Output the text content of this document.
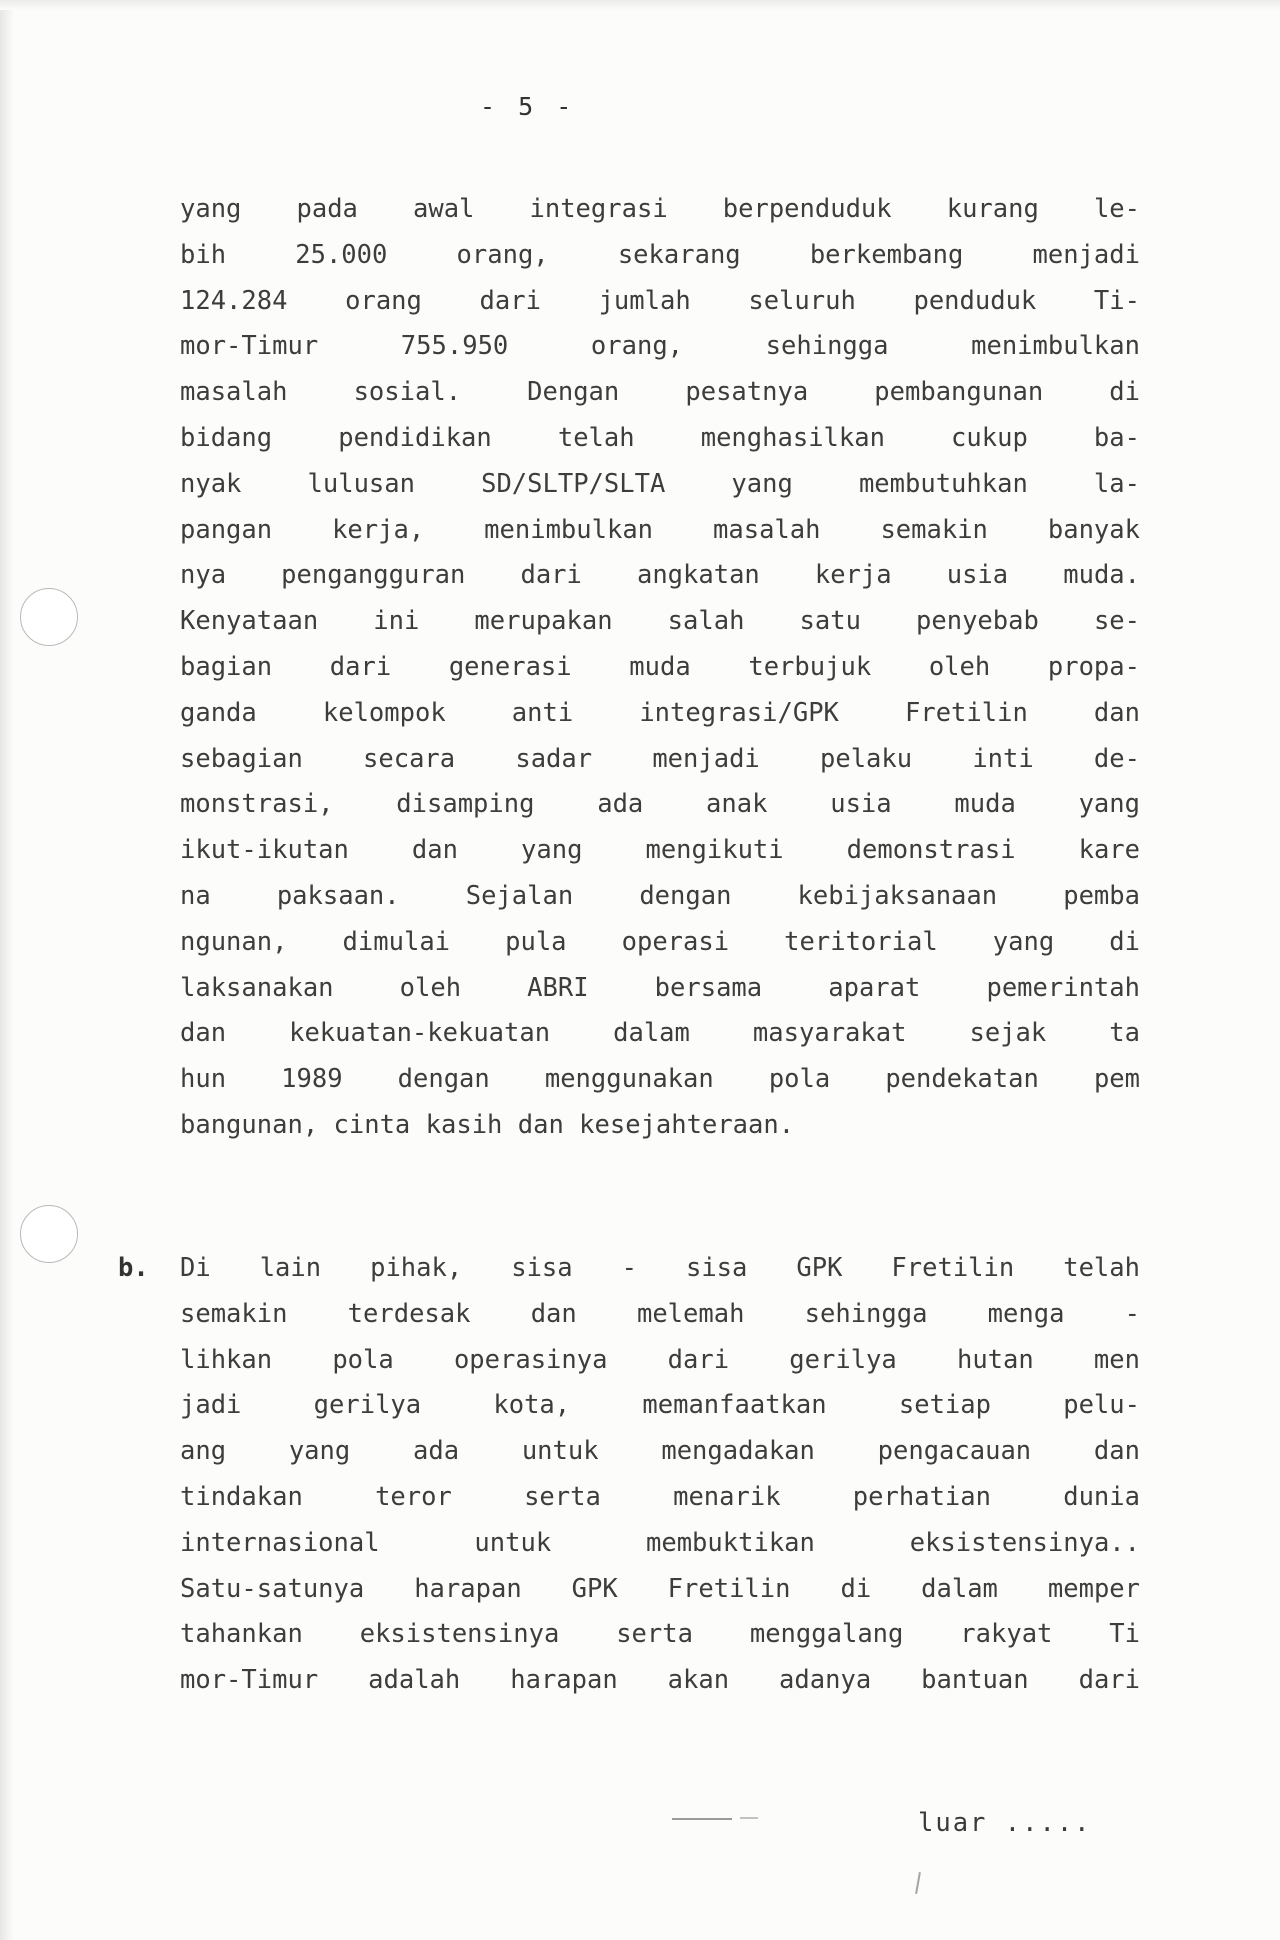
- 5 -
yang pada awal integrasi berpenduduk kurang le-
bih 25.000 orang, sekarang berkembang menjadi
124.284 orang dari jumlah seluruh penduduk Ti-
mor-Timur 755.950 orang, sehingga menimbulkan
masalah sosial. Dengan pesatnya pembangunan di
bidang pendidikan telah menghasilkan cukup ba-
nyak lulusan SD/SLTP/SLTA yang membutuhkan la-
pangan kerja, menimbulkan masalah semakin banyak
nya pengangguran dari angkatan kerja usia muda.
Kenyataan ini merupakan salah satu penyebab se-
bagian dari generasi muda terbujuk oleh propa-
ganda kelompok anti integrasi/GPK Fretilin dan
sebagian secara sadar menjadi pelaku inti de-
monstrasi, disamping ada anak usia muda yang
ikut-ikutan dan yang mengikuti demonstrasi kare
na paksaan. Sejalan dengan kebijaksanaan pemba
ngunan, dimulai pula operasi teritorial yang di
laksanakan oleh ABRI bersama aparat pemerintah
dan kekuatan-kekuatan dalam masyarakat sejak ta
hun 1989 dengan menggunakan pola pendekatan pem
bangunan, cinta kasih dan kesejahteraan.
b. Di lain pihak, sisa - sisa GPK Fretilin telah
semakin terdesak dan melemah sehingga menga -
lihkan pola operasinya dari gerilya hutan men
jadi gerilya kota, memanfaatkan setiap pelu-
ang yang ada untuk mengadakan pengacauan dan
tindakan teror serta menarik perhatian dunia
internasional untuk membuktikan eksistensinya..
Satu-satunya harapan GPK Fretilin di dalam memper
tahankan eksistensinya serta menggalang rakyat Ti
mor-Timur adalah harapan akan adanya bantuan dari
luar .....
